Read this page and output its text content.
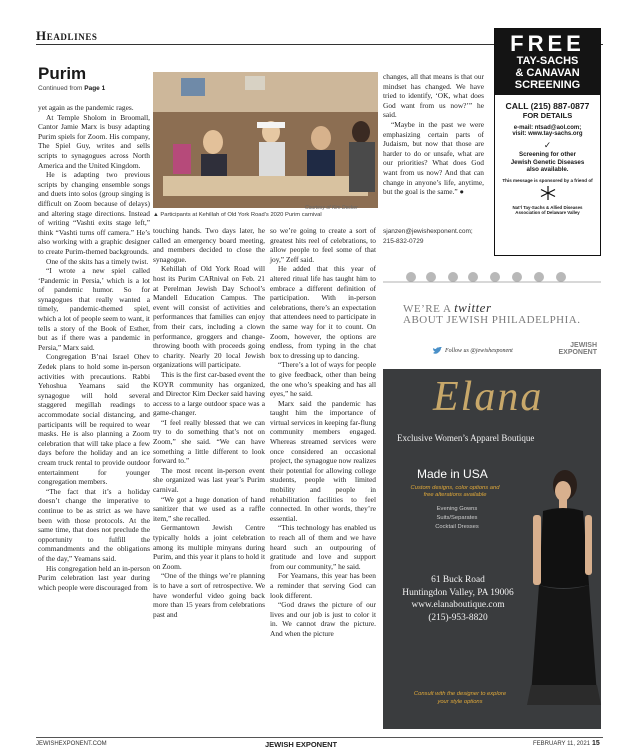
Headlines
Purim
Continued from Page 1

yet again as the pandemic rages.

At Temple Sholom in Broomall, Cantor Jamie Marx is busy adapting Purim spiels for Zoom. His company, The Spiel Guy, writes and sells scripts to synagogues across North America and the United Kingdom.

He is adapting two previous scripts by changing ensemble songs and duets into solos (group singing is difficult on Zoom because of delays) and altering stage directions. Instead of writing “Vashti exits stage left,” think “Vashti turns off camera.” He’s also working with a graphic designer to create Purim-themed backgrounds.

One of the skits has a timely twist.

“I wrote a new spiel called ‘Pandemic in Persia,’ which is a lot of pandemic humor. So for synagogues that really wanted a timely, pandemic-themed spiel, which a lot of people seem to want, it tells a story of the Book of Esther, but as if there was a pandemic in Persia,” Marx said.

Congregation B’nai Israel Ohev Zedek plans to hold some in-person activities with precautions. Rabbi Yehoshua Yeamans said the synagogue will hold several staggered megillah readings to accommodate social distancing, and participants will be required to wear masks. He is also planning a Zoom celebration that will take place a few days before the holiday and an ice cream truck rental to provide outdoor entertainment for younger congregation members.

“The fact that it’s a holiday doesn’t change the imperative to continue to be as strict as we have been with those protocols. At the same time, that does not preclude the opportunity to fulfill the commandments and the obligations of the day,” Yeamans said.

His congregation held an in-person Purim celebration last year during which people were discouraged from

▲ Participants at Kehillah of Old York Road’s 2020 Purim carnival
Courtesy of Kim Decker

touching hands. Two days later, he called an emergency board meeting, and members decided to close the synagogue.

Kehillah of Old York Road will host its Purim CARnival on Feb. 21 at Perelman Jewish Day School’s Mandell Education Campus. The event will consist of activities and performances that families can enjoy from their cars, including a clown performance, groggers and change-throwing booth with proceeds going to charity. Nearly 20 local Jewish organizations will participate.

This is the first car-based event the KOYR community has organized, and Director Kim Decker said having access to a large outdoor space was a game-changer.

“I feel really blessed that we can try to do something that’s not on Zoom,” she said. “We can have something a little different to look forward to.”

The most recent in-person event she organized was last year’s Purim carnival.

“We got a huge donation of hand sanitizer that we used as a raffle item,” she recalled.

Germantown Jewish Centre typically holds a joint celebration among its multiple minyans during Purim, and this year it plans to hold it on Zoom.

“One of the things we’re planning is to have a sort of retrospective. We have wonderful video going back more than 15 years from celebrations past and

so we’re going to create a sort of greatest hits reel of celebrations, to allow people to feel some of that joy,” Zeff said.

He added that this year of altered ritual life has taught him to embrace a different definition of participation. With in-person celebrations, there’s an expectation that attendees need to participate in the same way for it to count. On Zoom, however, the options are endless, from typing in the chat box to dressing up to dancing.

“There’s a lot of ways for people to give feedback, other than being the one who’s speaking and has all eyes,” he said.

Marx said the pandemic has taught him the importance of virtual services in keeping far-flung community members engaged. Whereas streamed services were once considered an occasional project, the synagogue now realizes their potential for allowing college students, people with limited mobility and people in rehabilitation facilities to feel connected. In other words, they’re essential.

“This technology has enabled us to reach all of them and we have heard such an outpouring of gratitude and love and support from our community,” he said.

For Yeamans, this year has been a reminder that serving God can look different.

“God draws the picture of our lives and our job is just to color it in. We cannot draw the picture. And when the picture

changes, all that means is that our mindset has changed. We have tried to identify, ‘OK, what does God want from us now?’” he said.

“Maybe in the past we were emphasizing certain parts of Judaism, but now that those are harder to do or unsafe, what are our priorities? What does God want from us now? And that can change in anyone’s life, anytime, but the goal is the same.” ●

sjanzen@jewishexponent.com;
215-832-0729
FREE
TAY-SACHS
& CANAVAN
SCREENING
CALL (215) 887-0877
FOR DETAILS
e-mail: ntsad@aol.com;
visit: www.tay-sachs.org
✓
Screening for other
Jewish Genetic Diseases
also available.
This message is sponsored by a friend of
Nat’l Tay-Sachs & Allied Diseases
Association of Delaware Valley
WE’RE A twitter
ABOUT JEWISH PHILADELPHIA.
Follow us @jewishexponent
JEWISH
EXPONENT
Elana
Exclusive Women’s Apparel Boutique
Made in USA
Custom designs, color options and
free alterations available
Evening Gowns
Suits/Separates
Cocktail Dresses
61 Buck Road
Huntingdon Valley, PA 19006
www.elanaboutique.com
(215)-953-8820
Consult with the designer to explore
your style options
JEWISHEXPONENT.COM	JEWISH EXPONENT	FEBRUARY 11, 2021 15
